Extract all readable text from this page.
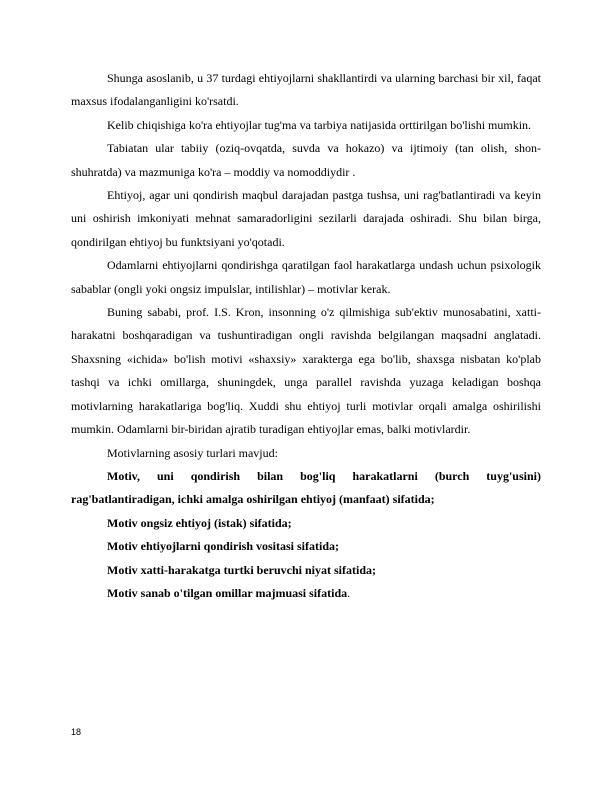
Shunga asoslanib, u 37 turdagi ehtiyojlarni shakllantirdi va ularning barchasi bir xil, faqat maxsus ifodalanganligini ko'rsatdi.

Kelib chiqishiga ko'ra ehtiyojlar tug'ma va tarbiya natijasida orttirilgan bo'lishi mumkin.

Tabiatan ular tabiiy (oziq-ovqatda, suvda va hokazo) va ijtimoiy (tan olish, shon-shuhratda) va mazmuniga ko'ra – moddiy va nomoddiydir .

Ehtiyoj, agar uni qondirish maqbul darajadan pastga tushsa, uni rag'batlantiradi va keyin uni oshirish imkoniyati mehnat samaradorligini sezilarli darajada oshiradi. Shu bilan birga, qondirilgan ehtiyoj bu funktsiyani yo'qotadi.

Odamlarni ehtiyojlarni qondirishga qaratilgan faol harakatlarga undash uchun psixologik sabablar (ongli yoki ongsiz impulslar, intilishlar) – motivlar kerak.

Buning sababi, prof. I.S. Kron, insonning o'z qilmishiga sub'ektiv munosabatini, xatti-harakatni boshqaradigan va tushuntiradigan ongli ravishda belgilangan maqsadni anglatadi. Shaxsning «ichida» bo'lish motivi «shaxsiy» xarakterga ega bo'lib, shaxsga nisbatan ko'plab tashqi va ichki omillarga, shuningdek, unga parallel ravishda yuzaga keladigan boshqa motivlarning harakatlariga bog'liq. Xuddi shu ehtiyoj turli motivlar orqali amalga oshirilishi mumkin. Odamlarni bir-biridan ajratib turadigan ehtiyojlar emas, balki motivlardir.

Motivlarning asosiy turlari mavjud:

Motiv, uni qondirish bilan bog'liq harakatlarni (burch tuyg'usini) rag'batlantiradigan, ichki amalga oshirilgan ehtiyoj (manfaat) sifatida;

Motiv ongsiz ehtiyoj (istak) sifatida;

Motiv ehtiyojlarni qondirish vositasi sifatida;

Motiv xatti-harakatga turtki beruvchi niyat sifatida;

Motiv sanab o'tilgan omillar majmuasi sifatida.

18
